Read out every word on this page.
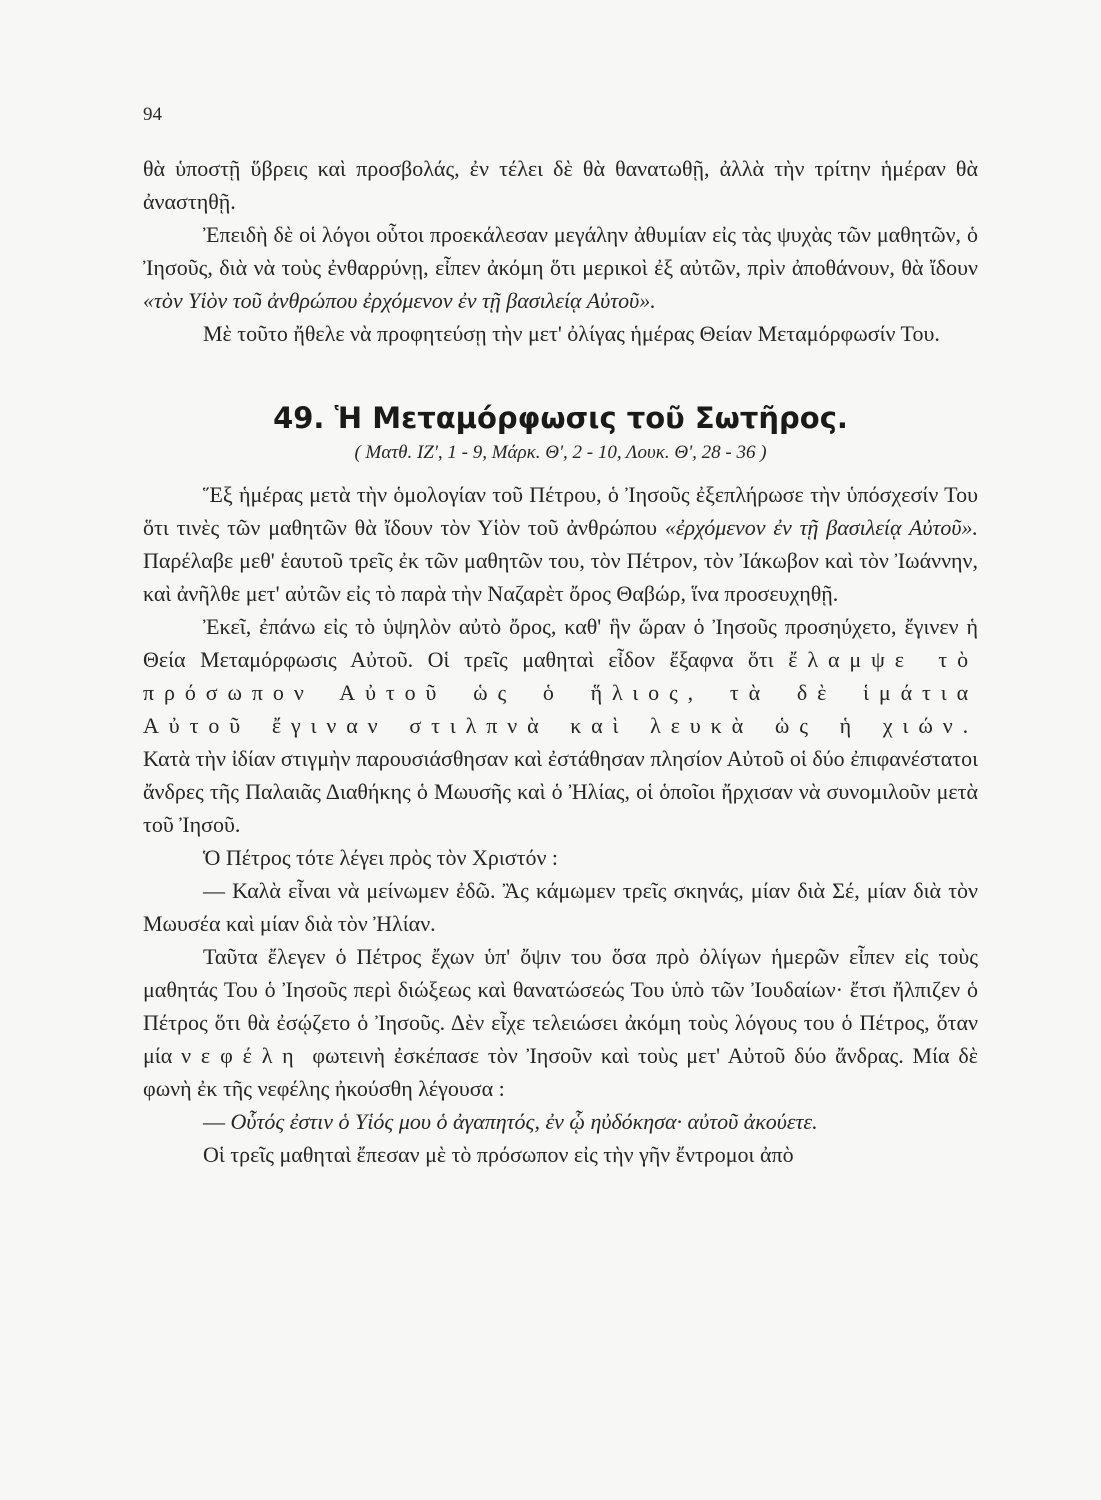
94

θὰ ὑποστῇ ὕβρεις καὶ προσβολάς, ἐν τέλει δὲ θὰ θανατωθῇ, ἀλλὰ τὴν τρίτην ἡμέραν θὰ ἀναστηθῇ.

Ἐπειδὴ δὲ οἱ λόγοι οὗτοι προεκάλεσαν μεγάλην ἀθυμίαν εἰς τὰς ψυχὰς τῶν μαθητῶν, ὁ Ἰησοῦς, διὰ νὰ τοὺς ἐνθαρρύνῃ, εἶπεν ἀκόμη ὅτι μερικοὶ ἐξ αὐτῶν, πρὶν ἀποθάνουν, θὰ ἴδουν «τὸν Υἱὸν τοῦ ἀνθρώπου ἐρχόμενον ἐν τῇ βασιλείᾳ Αὐτοῦ».

Μὲ τοῦτο ἤθελε νὰ προφητεύσῃ τὴν μετ' ὀλίγας ἡμέρας Θείαν Μεταμόρφωσίν Του.

49. Ἡ Μεταμόρφωσις τοῦ Σωτῆρος.

( Ματθ. ΙΖ', 1 - 9, Μάρκ. Θ', 2 - 10, Λουκ. Θ', 28 - 36 )

Ἕξ ἡμέρας μετὰ τὴν ὁμολογίαν τοῦ Πέτρου, ὁ Ἰησοῦς ἐξεπλήρωσε τὴν ὑπόσχεσίν Του ὅτι τινὲς τῶν μαθητῶν θὰ ἴδουν τὸν Υἱὸν τοῦ ἀνθρώπου «ἐρχόμενον ἐν τῇ βασιλείᾳ Αὐτοῦ». Παρέλαβε μεθ' ἑαυτοῦ τρεῖς ἐκ τῶν μαθητῶν του, τὸν Πέτρον, τὸν Ἰάκωβον καὶ τὸν Ἰωάννην, καὶ ἀνῆλθε μετ' αὐτῶν εἰς τὸ παρὰ τὴν Ναζαρὲτ ὄρος Θαβώρ, ἵνα προσευχηθῇ.

Ἐκεῖ, ἐπάνω εἰς τὸ ὑψηλὸν αὐτὸ ὄρος, καθ' ἣν ὥραν ὁ Ἰησοῦς προσηύχετο, ἔγινεν ἡ Θεία Μεταμόρφωσις Αὐτοῦ. Οἱ τρεῖς μαθηταὶ εἶδον ἔξαφνα ὅτι ἔλαμψε τὸ πρόσωπον Αὐτοῦ ὡς ὁ ἥλιος, τὰ δὲ ἱμάτια Αὐτοῦ ἔγιναν στιλπνὰ καὶ λευκὰ ὡς ἡ χιών. Κατὰ τὴν ἰδίαν στιγμὴν παρουσιάσθησαν καὶ ἐστάθησαν πλησίον Αὐτοῦ οἱ δύο ἐπιφανέστατοι ἄνδρες τῆς Παλαιᾶς Διαθήκης ὁ Μωυσῆς καὶ ὁ Ἠλίας, οἱ ὁποῖοι ἤρχισαν νὰ συνομιλοῦν μετὰ τοῦ Ἰησοῦ.

Ὁ Πέτρος τότε λέγει πρὸς τὸν Χριστόν :

— Καλὰ εἶναι νὰ μείνωμεν ἐδῶ. Ἂς κάμωμεν τρεῖς σκηνάς, μίαν διὰ Σέ, μίαν διὰ τὸν Μωυσέα καὶ μίαν διὰ τὸν Ἠλίαν.

Ταῦτα ἔλεγεν ὁ Πέτρος ἔχων ὑπ' ὄψιν του ὅσα πρὸ ὀλίγων ἡμερῶν εἶπεν εἰς τοὺς μαθητάς Του ὁ Ἰησοῦς περὶ διώξεως καὶ θανατώσεώς Του ὑπὸ τῶν Ἰουδαίων· ἔτσι ἤλπιζεν ὁ Πέτρος ὅτι θὰ ἐσῴζετο ὁ Ἰησοῦς. Δὲν εἶχε τελειώσει ἀκόμη τοὺς λόγους του ὁ Πέτρος, ὅταν μία νεφέλη φωτεινὴ ἐσκέπασε τὸν Ἰησοῦν καὶ τοὺς μετ' Αὐτοῦ δύο ἄνδρας. Μία δὲ φωνὴ ἐκ τῆς νεφέλης ἠκούσθη λέγουσα :

— Οὗτός ἐστιν ὁ Υἱός μου ὁ ἀγαπητός, ἐν ᾧ ηὐδόκησα· αὐτοῦ ἀκούετε.

Οἱ τρεῖς μαθηταὶ ἔπεσαν μὲ τὸ πρόσωπον εἰς τὴν γῆν ἔντρομοι ἀπὸ
